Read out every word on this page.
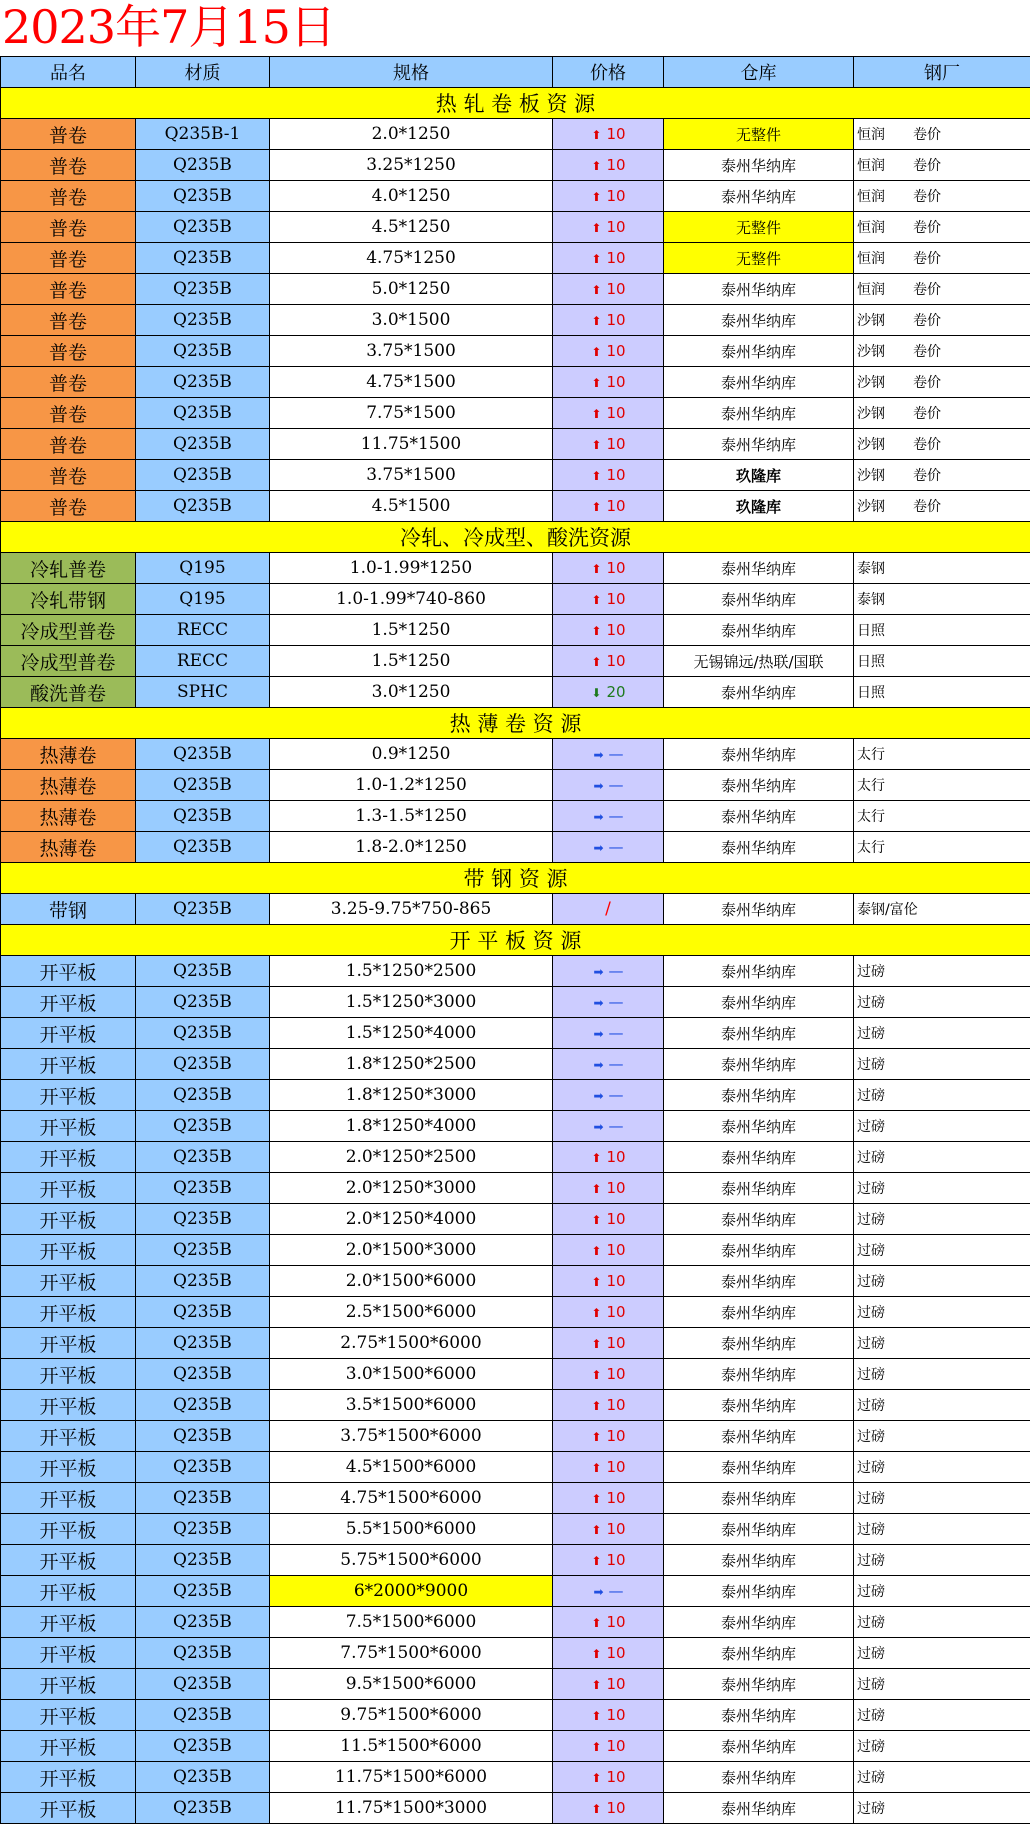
2023年7月15日
品名	材质	规格	价格	仓库	钢厂
热 轧 卷 板 资 源					
普卷	Q235B-1	2.0*1250	⬆ 10	无整件	恒润 卷价
普卷	Q235B	3.25*1250	⬆ 10	泰州华纳库	恒润 卷价
普卷	Q235B	4.0*1250	⬆ 10	泰州华纳库	恒润 卷价
普卷	Q235B	4.5*1250	⬆ 10	无整件	恒润 卷价
普卷	Q235B	4.75*1250	⬆ 10	无整件	恒润 卷价
普卷	Q235B	5.0*1250	⬆ 10	泰州华纳库	恒润 卷价
普卷	Q235B	3.0*1500	⬆ 10	泰州华纳库	沙钢 卷价
普卷	Q235B	3.75*1500	⬆ 10	泰州华纳库	沙钢 卷价
普卷	Q235B	4.75*1500	⬆ 10	泰州华纳库	沙钢 卷价
普卷	Q235B	7.75*1500	⬆ 10	泰州华纳库	沙钢 卷价
普卷	Q235B	11.75*1500	⬆ 10	泰州华纳库	沙钢 卷价
普卷	Q235B	3.75*1500	⬆ 10	玖隆库	沙钢 卷价
普卷	Q235B	4.5*1500	⬆ 10	玖隆库	沙钢 卷价
冷轧、冷成型、酸洗资源					
冷轧普卷	Q195	1.0-1.99*1250	⬆ 10	泰州华纳库	泰钢
冷轧带钢	Q195	1.0-1.99*740-860	⬆ 10	泰州华纳库	泰钢
冷成型普卷	RECC	1.5*1250	⬆ 10	泰州华纳库	日照
冷成型普卷	RECC	1.5*1250	⬆ 10	无锡锦远/热联/国联	日照
酸洗普卷	SPHC	3.0*1250	⬇ 20	泰州华纳库	日照
热 薄 卷 资 源					
热薄卷	Q235B	0.9*1250	➡ —	泰州华纳库	太行
热薄卷	Q235B	1.0-1.2*1250	➡ —	泰州华纳库	太行
热薄卷	Q235B	1.3-1.5*1250	➡ —	泰州华纳库	太行
热薄卷	Q235B	1.8-2.0*1250	➡ —	泰州华纳库	太行
带 钢 资 源					
带钢	Q235B	3.25-9.75*750-865	/	泰州华纳库	泰钢/富伦
开 平 板 资 源					
开平板	Q235B	1.5*1250*2500	➡ —	泰州华纳库	过磅
开平板	Q235B	1.5*1250*3000	➡ —	泰州华纳库	过磅
开平板	Q235B	1.5*1250*4000	➡ —	泰州华纳库	过磅
开平板	Q235B	1.8*1250*2500	➡ —	泰州华纳库	过磅
开平板	Q235B	1.8*1250*3000	➡ —	泰州华纳库	过磅
开平板	Q235B	1.8*1250*4000	➡ —	泰州华纳库	过磅
开平板	Q235B	2.0*1250*2500	⬆ 10	泰州华纳库	过磅
开平板	Q235B	2.0*1250*3000	⬆ 10	泰州华纳库	过磅
开平板	Q235B	2.0*1250*4000	⬆ 10	泰州华纳库	过磅
开平板	Q235B	2.0*1500*3000	⬆ 10	泰州华纳库	过磅
开平板	Q235B	2.0*1500*6000	⬆ 10	泰州华纳库	过磅
开平板	Q235B	2.5*1500*6000	⬆ 10	泰州华纳库	过磅
开平板	Q235B	2.75*1500*6000	⬆ 10	泰州华纳库	过磅
开平板	Q235B	3.0*1500*6000	⬆ 10	泰州华纳库	过磅
开平板	Q235B	3.5*1500*6000	⬆ 10	泰州华纳库	过磅
开平板	Q235B	3.75*1500*6000	⬆ 10	泰州华纳库	过磅
开平板	Q235B	4.5*1500*6000	⬆ 10	泰州华纳库	过磅
开平板	Q235B	4.75*1500*6000	⬆ 10	泰州华纳库	过磅
开平板	Q235B	5.5*1500*6000	⬆ 10	泰州华纳库	过磅
开平板	Q235B	5.75*1500*6000	⬆ 10	泰州华纳库	过磅
开平板	Q235B	6*2000*9000	➡ —	泰州华纳库	过磅
开平板	Q235B	7.5*1500*6000	⬆ 10	泰州华纳库	过磅
开平板	Q235B	7.75*1500*6000	⬆ 10	泰州华纳库	过磅
开平板	Q235B	9.5*1500*6000	⬆ 10	泰州华纳库	过磅
开平板	Q235B	9.75*1500*6000	⬆ 10	泰州华纳库	过磅
开平板	Q235B	11.5*1500*6000	⬆ 10	泰州华纳库	过磅
开平板	Q235B	11.75*1500*6000	⬆ 10	泰州华纳库	过磅
开平板	Q235B	11.75*1500*3000	⬆ 10	泰州华纳库	过磅
